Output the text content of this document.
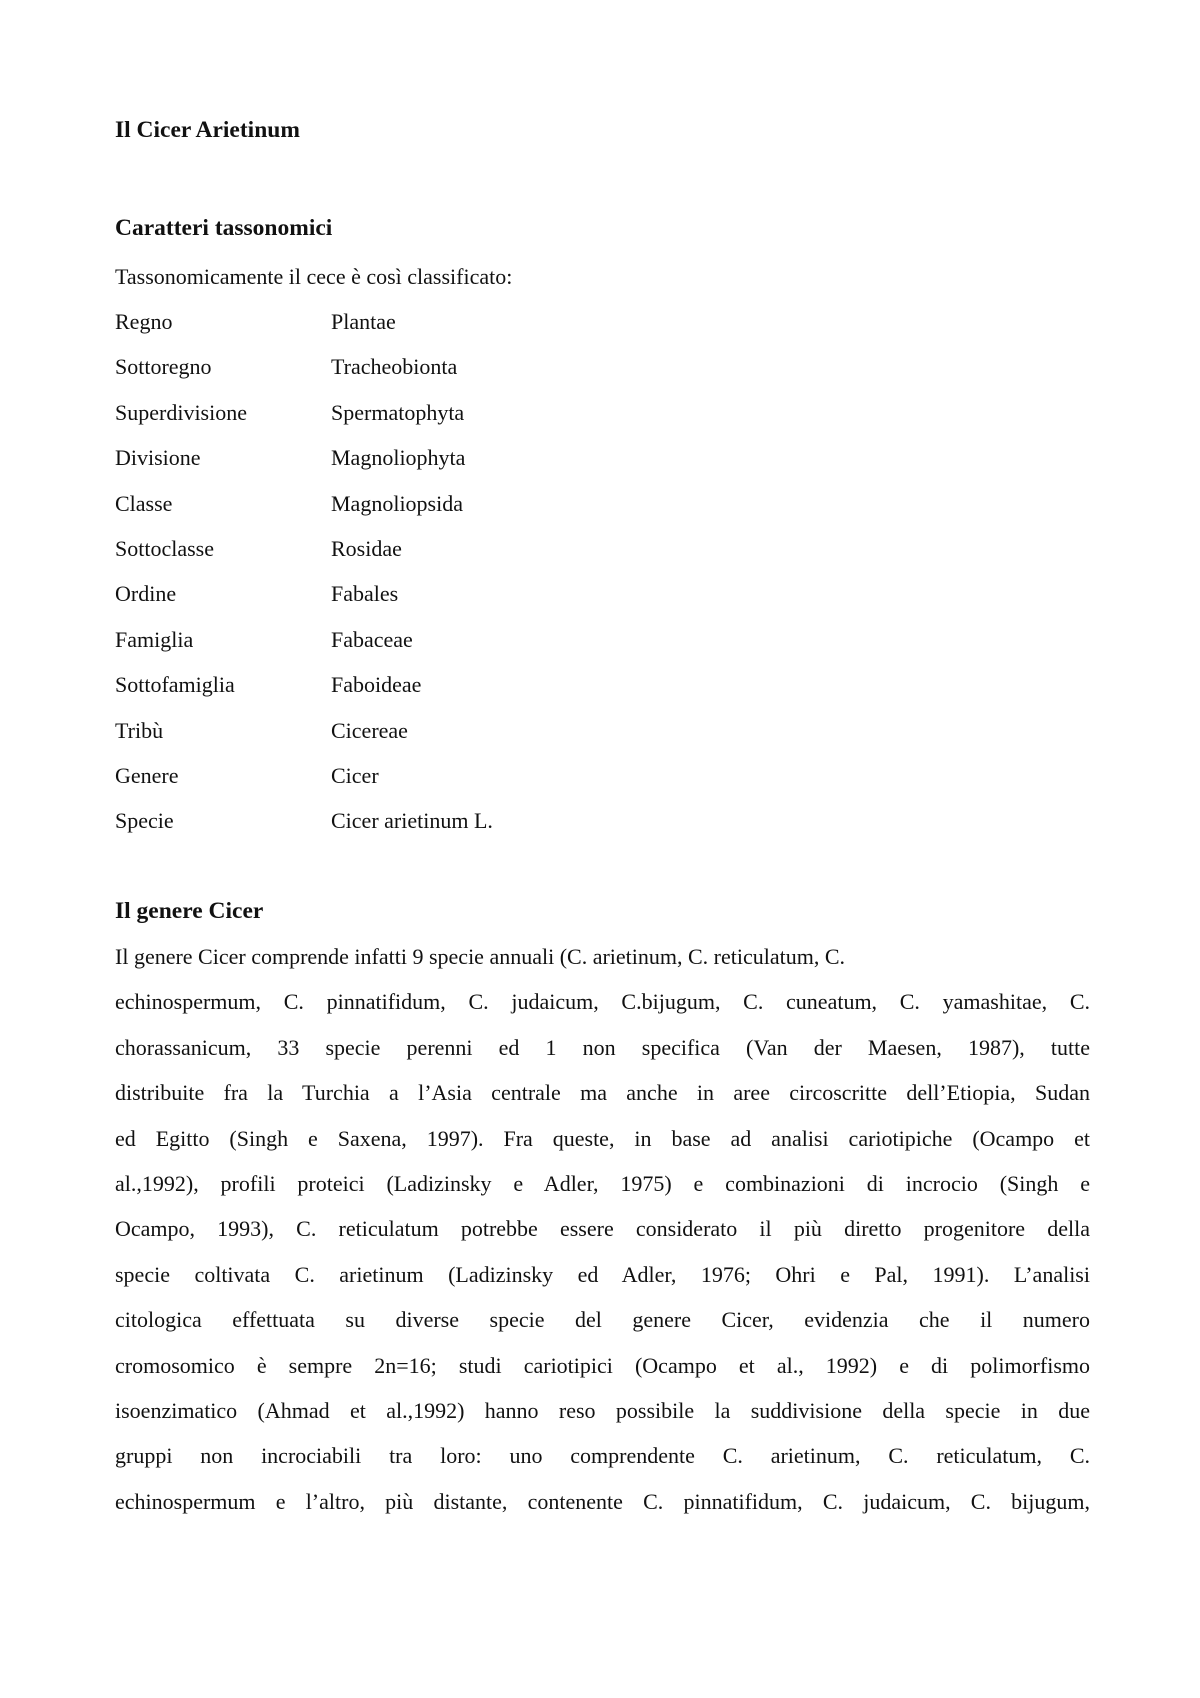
Il Cicer Arietinum
Caratteri tassonomici
Tassonomicamente il cece è così classificato:
Regno	Plantae
Sottoregno	Tracheobionta
Superdivisione	Spermatophyta
Divisione	Magnoliophyta
Classe	Magnoliopsida
Sottoclasse	Rosidae
Ordine	Fabales
Famiglia	Fabaceae
Sottofamiglia	Faboideae
Tribù	Cicereae
Genere	Cicer
Specie	Cicer arietinum L.
Il genere Cicer
Il genere Cicer comprende infatti 9 specie annuali (C. arietinum, C. reticulatum, C.
echinospermum, C. pinnatifidum, C. judaicum, C.bijugum, C. cuneatum, C. yamashitae, C.
chorassanicum, 33 specie perenni ed 1 non specifica (Van der Maesen, 1987), tutte
distribuite fra la Turchia a l’Asia centrale ma anche in aree circoscritte dell’Etiopia, Sudan
ed Egitto (Singh e Saxena, 1997). Fra queste, in base ad analisi cariotipiche (Ocampo et
al.,1992), profili proteici (Ladizinsky e Adler, 1975) e combinazioni di incrocio (Singh e
Ocampo, 1993), C. reticulatum potrebbe essere considerato il più diretto progenitore della
specie coltivata C. arietinum (Ladizinsky ed Adler, 1976; Ohri e Pal, 1991). L’analisi
citologica effettuata su diverse specie del genere Cicer, evidenzia che il numero
cromosomico è sempre 2n=16; studi cariotipici (Ocampo et al., 1992) e di polimorfismo
isoenzimatico (Ahmad et al.,1992) hanno reso possibile la suddivisione della specie in due
gruppi non incrociabili tra loro: uno comprendente C. arietinum, C. reticulatum, C.
echinospermum e l’altro, più distante, contenente C. pinnatifidum, C. judaicum, C. bijugum,
